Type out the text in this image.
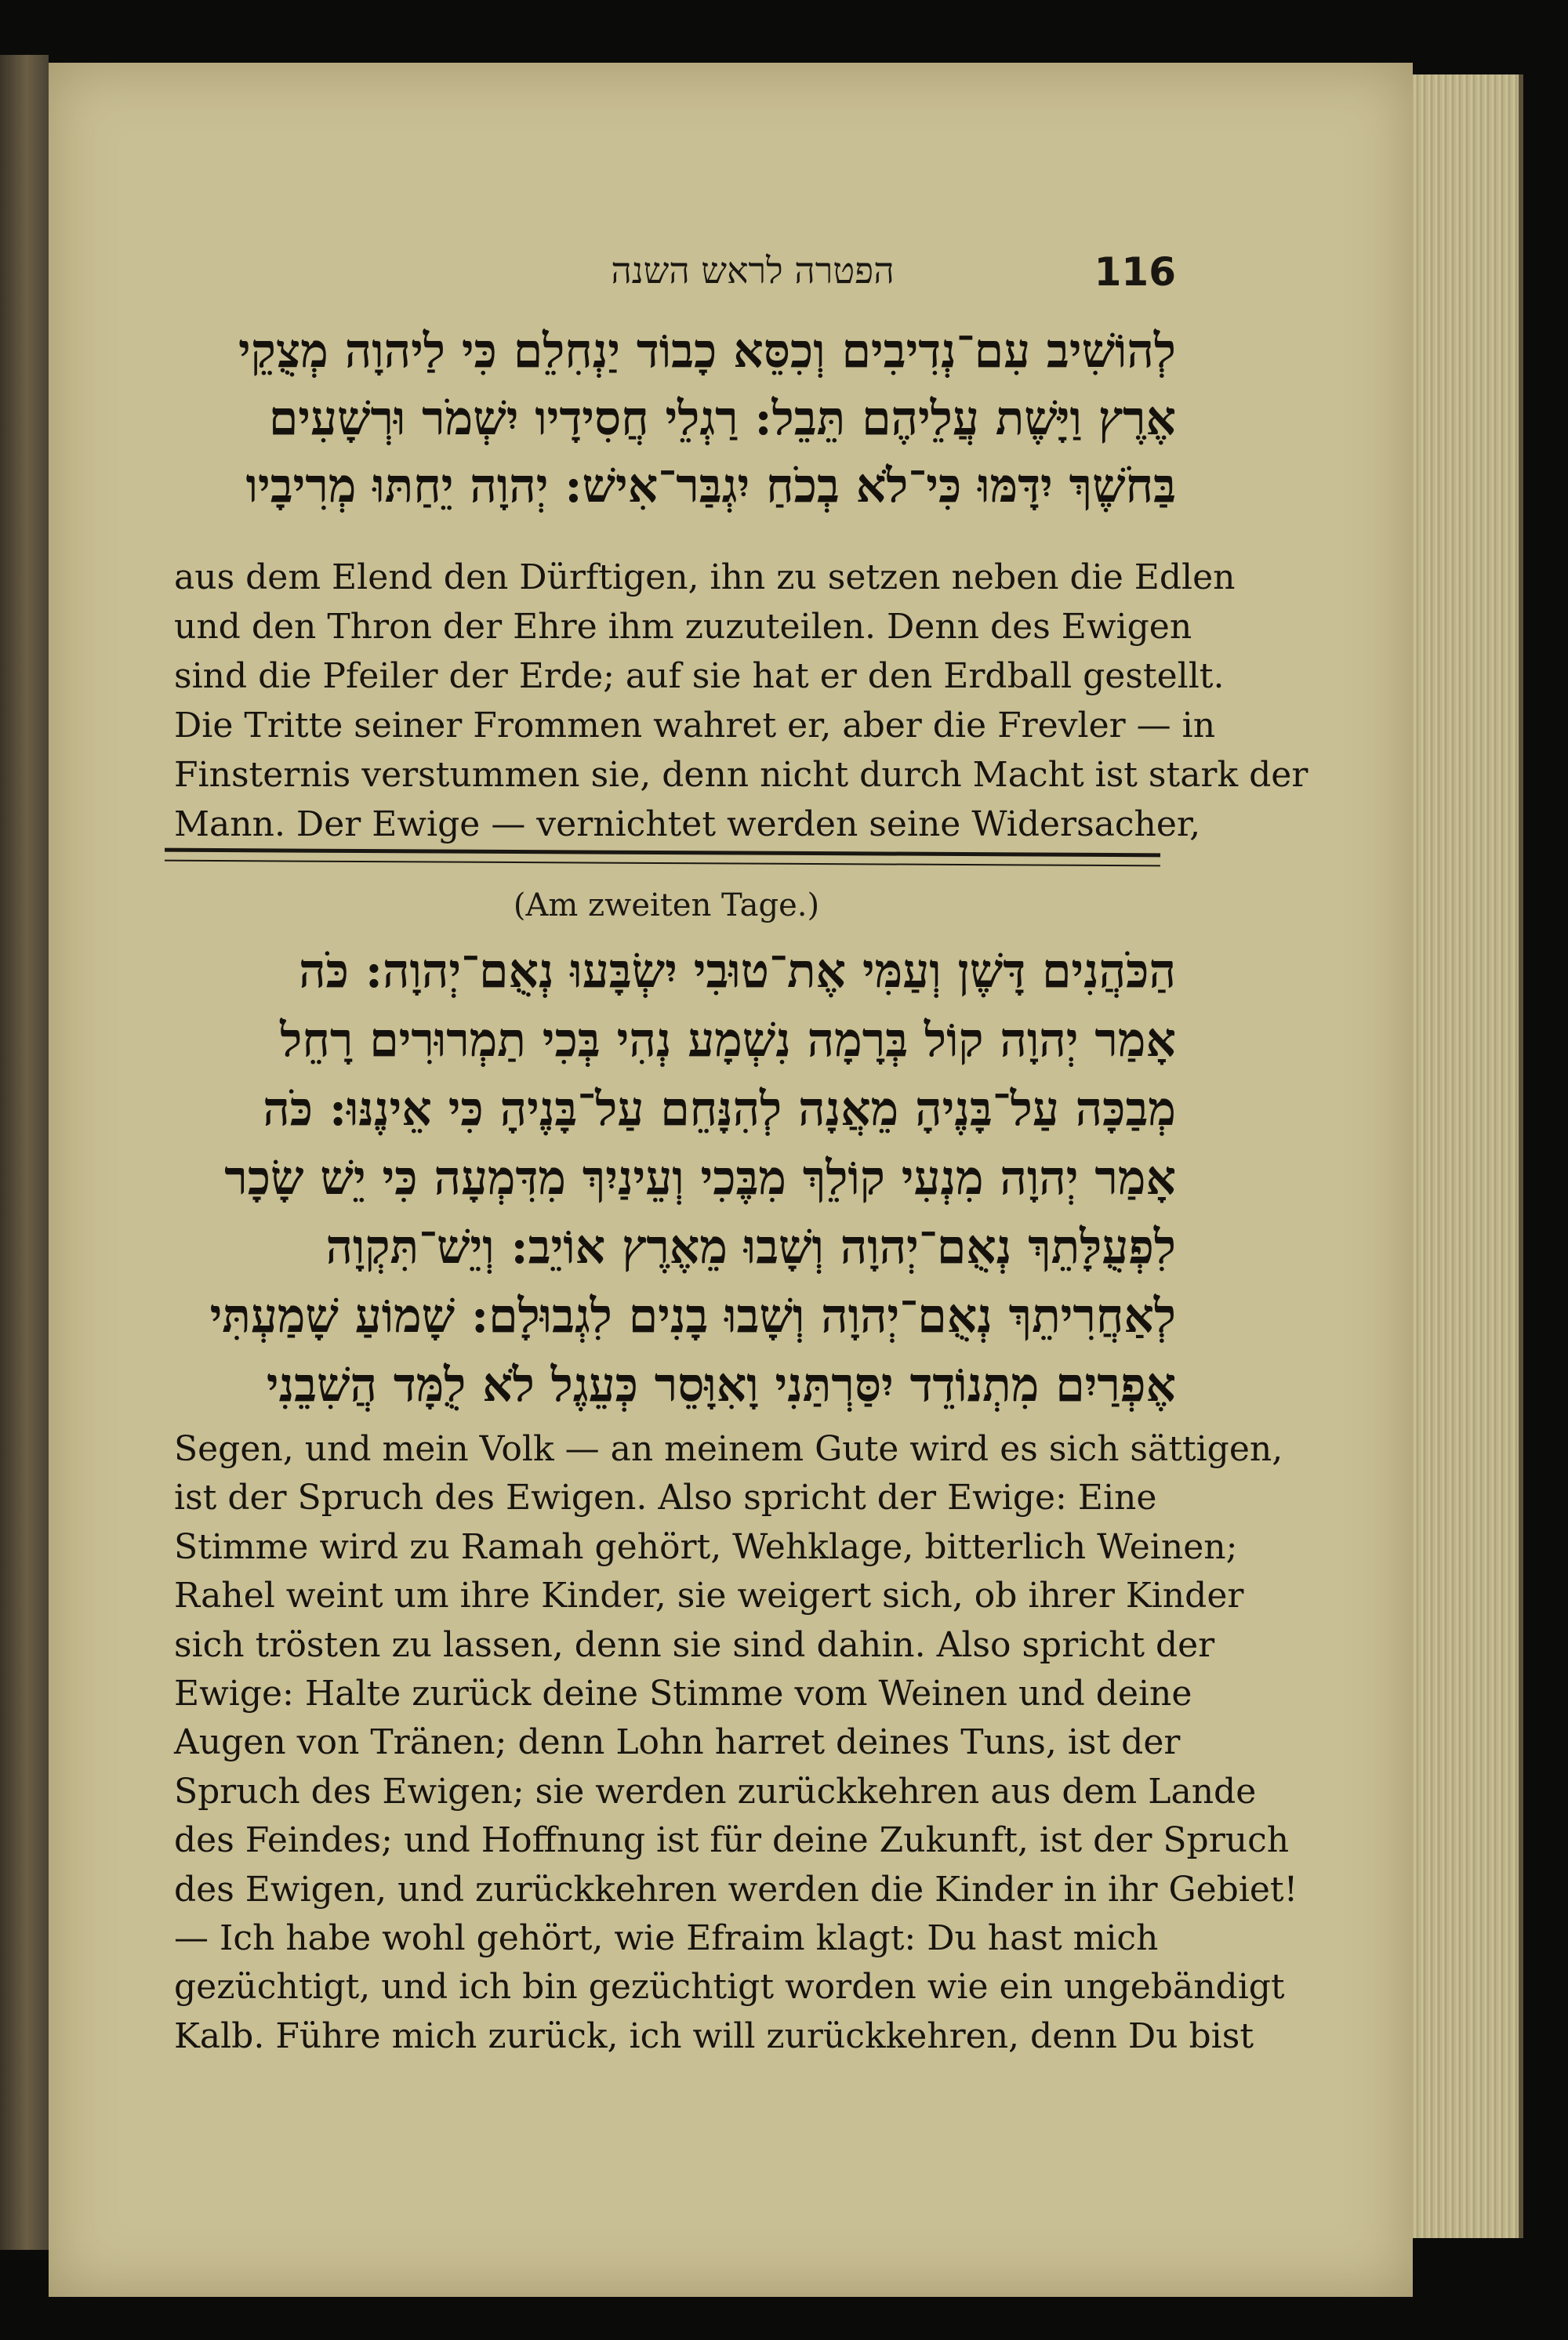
הפטרה לראש השנה	116
לְהוֹשִׁיב עִם־נְדִיבִים וְכִסֵּא כָבוֹד יַנְחִלֵם כִּי לַיהוָה מְצֻקֵי
אֶרֶץ וַיָּשֶׁת עֲלֵיהֶם תֵּבֵל: רַגְלֵי חֲסִידָיו יִשְׁמֹר וּרְשָׁעִים
בַּחֹשֶׁךְ יִדָּמּוּ כִּי־לֹא בְכֹחַ יִגְבַּר־אִישׁ: יְהוָה יֵחַתּוּ מְרִיבָיו
aus dem Elend den Dürftigen, ihn zu setzen neben die Edlen
und den Thron der Ehre ihm zuzuteilen. Denn des Ewigen
sind die Pfeiler der Erde; auf sie hat er den Erdball gestellt.
Die Tritte seiner Frommen wahret er, aber die Frevler — in
Finsternis verstummen sie, denn nicht durch Macht ist stark der
Mann. Der Ewige — vernichtet werden seine Widersacher,
(Am zweiten Tage.)
הַכֹּהֲנִים דָּשֶׁן וְעַמִּי אֶת־טוּבִי יִשְׂבָּעוּ נְאֻם־יְהוָה: כֹּה
אָמַר יְהוָה קוֹל בְּרָמָה נִשְׁמָע נְהִי בְּכִי תַמְרוּרִים רָחֵל
מְבַכָּה עַל־בָּנֶיהָ מֵאֲנָה לְהִנָּחֵם עַל־בָּנֶיהָ כִּי אֵינֶנּוּ: כֹּה
אָמַר יְהוָה מִנְעִי קוֹלֵךְ מִבֶּכִי וְעֵינַיִךְ מִדִּמְעָה כִּי יֵשׁ שָׂכָר
לִפְעֻלָּתֵךְ נְאֻם־יְהוָה וְשָׁבוּ מֵאֶרֶץ אוֹיֵב: וְיֵשׁ־תִּקְוָה
לְאַחֲרִיתֵךְ נְאֻם־יְהוָה וְשָׁבוּ בָנִים לִגְבוּלָם: שָׁמוֹעַ שָׁמַעְתִּי
אֶפְרַיִם מִתְנוֹדֵד יִסַּרְתַּנִי וָאִוָּסֵר כְּעֵגֶל לֹא לֻמָּד הֲשִׁבֵנִי
Segen, und mein Volk — an meinem Gute wird es sich sättigen,
ist der Spruch des Ewigen. Also spricht der Ewige: Eine
Stimme wird zu Ramah gehört, Wehklage, bitterlich Weinen;
Rahel weint um ihre Kinder, sie weigert sich, ob ihrer Kinder
sich trösten zu lassen, denn sie sind dahin. Also spricht der
Ewige: Halte zurück deine Stimme vom Weinen und deine
Augen von Tränen; denn Lohn harret deines Tuns, ist der
Spruch des Ewigen; sie werden zurückkehren aus dem Lande
des Feindes; und Hoffnung ist für deine Zukunft, ist der Spruch
des Ewigen, und zurückkehren werden die Kinder in ihr Gebiet!
— Ich habe wohl gehört, wie Efraim klagt: Du hast mich
gezüchtigt, und ich bin gezüchtigt worden wie ein ungebändigt
Kalb. Führe mich zurück, ich will zurückkehren, denn Du bist
